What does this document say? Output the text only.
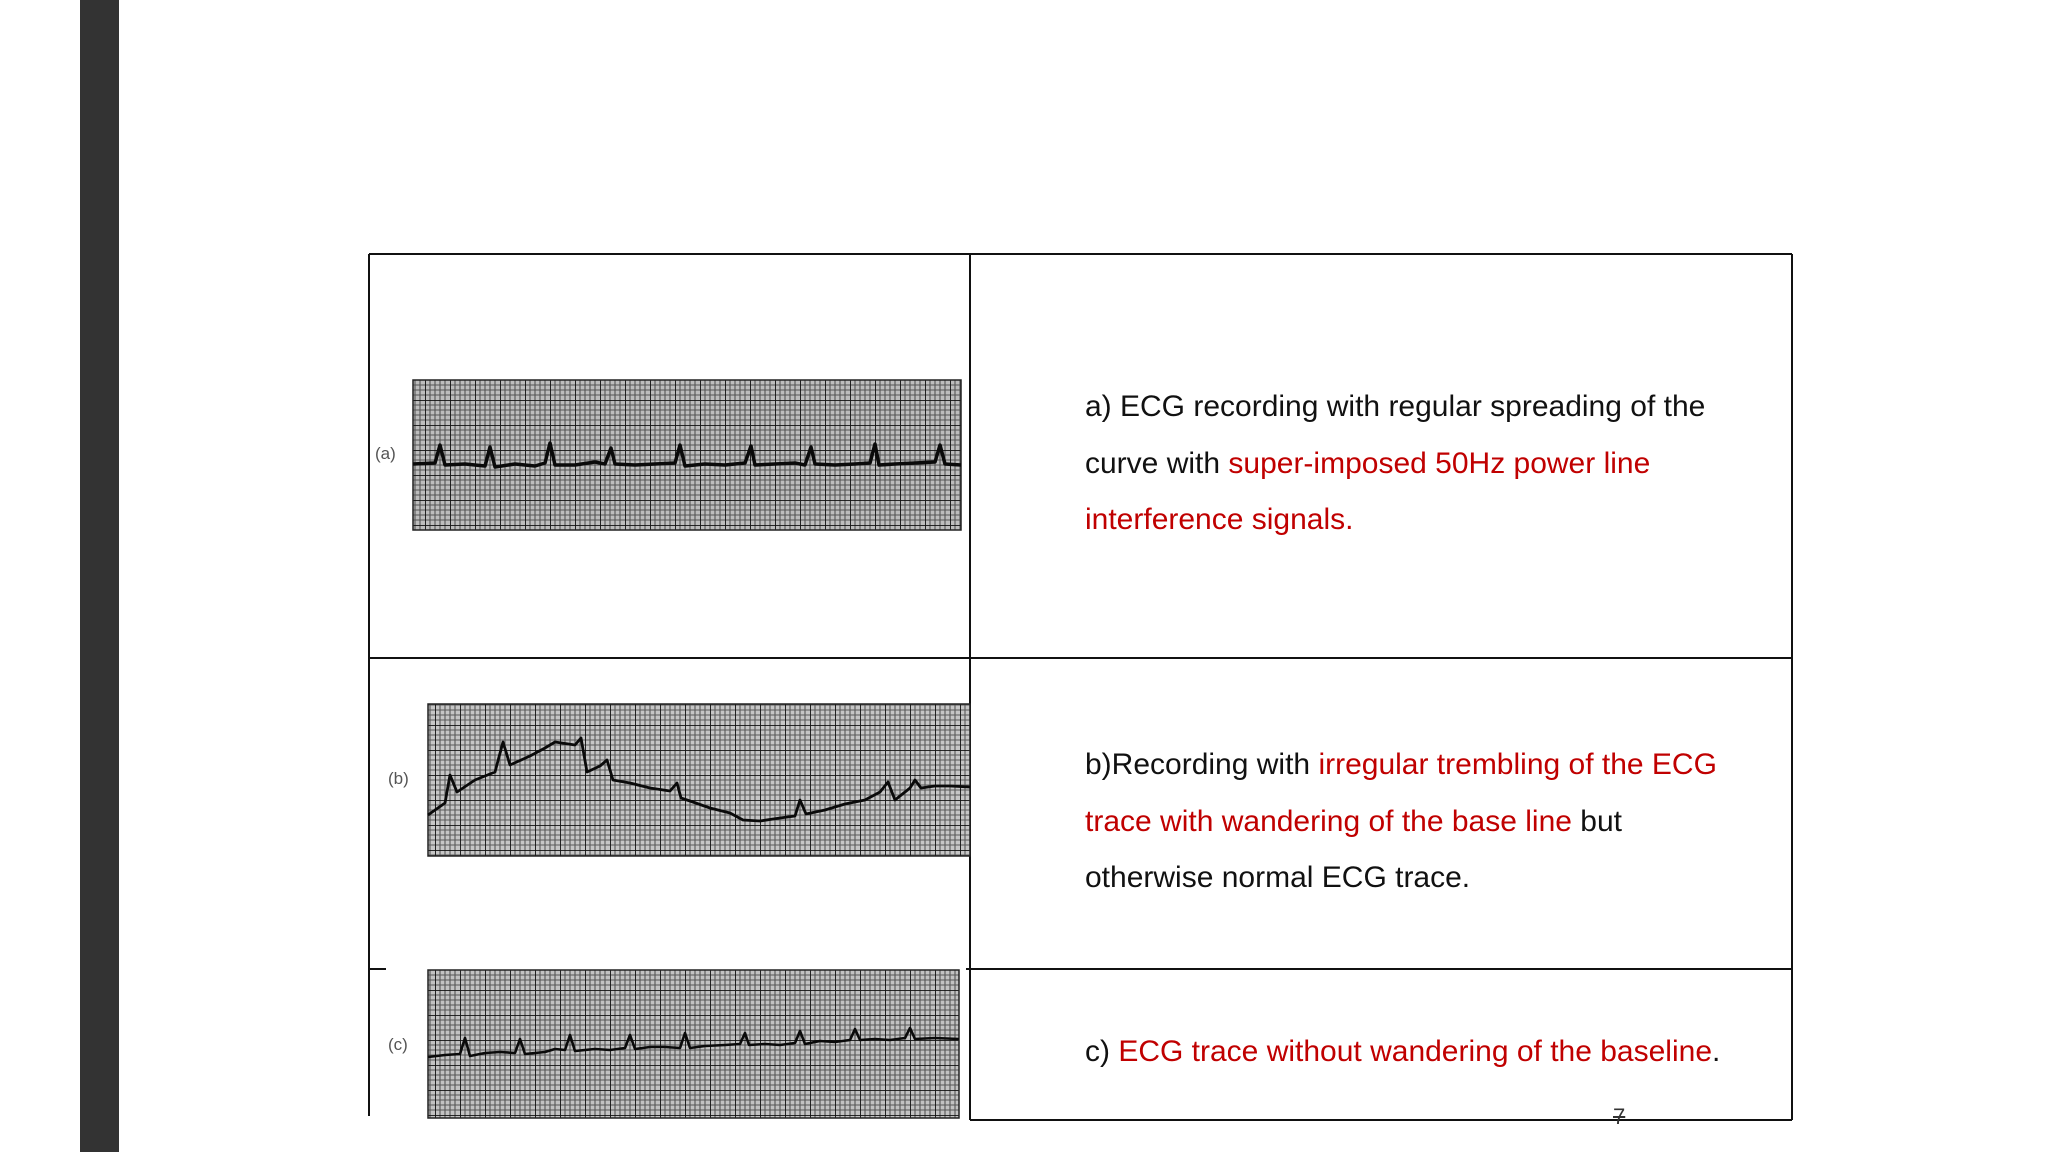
(a)
(b)
(c)

a) ECG recording with regular spreading of the

curve with super-imposed 50Hz power line

interference signals.

b)Recording with irregular trembling of the ECG

trace with wandering of the base line but

otherwise normal ECG trace.

c) ECG trace without wandering of the baseline.

7
